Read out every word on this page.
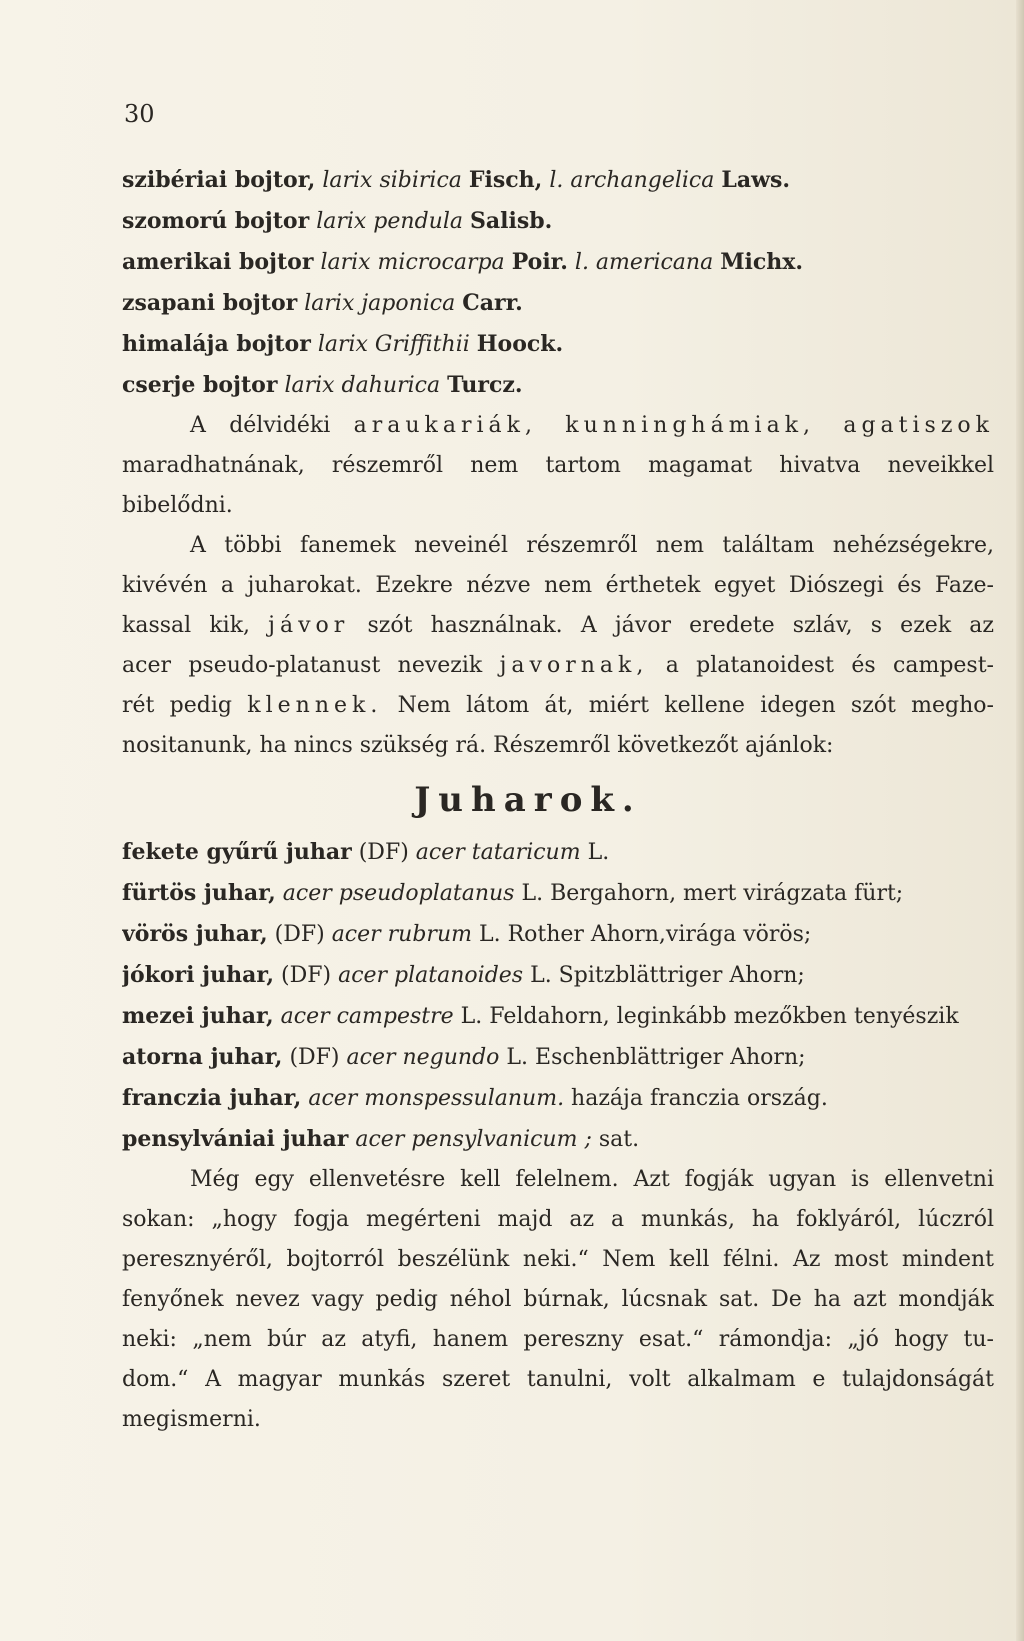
30
szibériai bojtor, larix sibirica Fisch, l. archangelica Laws.
szomorú bojtor larix pendula Salisb.
amerikai bojtor larix microcarpa Poir. l. americana Michx.
zsapani bojtor larix japonica Carr.
himalája bojtor larix Griffithii Hoock.
cserje bojtor larix dahurica Turcz.
A délvidéki araukariák, kunninghámiak, agatiszok
maradhatnának, részemről nem tartom magamat hivatva neveikkel
bibelődni.
A többi fanemek neveinél részemről nem találtam nehézségekre,
kivévén a juharokat. Ezekre nézve nem érthetek egyet Diószegi és Faze-
kassal kik, jávor szót használnak. A jávor eredete szláv, s ezek az
acer pseudo-platanust nevezik javornak, a platanoidest és campest-
rét pedig klennek. Nem látom át, miért kellene idegen szót megho-
nositanunk, ha nincs szükség rá. Részemről következőt ajánlok:
Juharok.
fekete gyűrű juhar (DF) acer tataricum L.
fürtös juhar, acer pseudoplatanus L. Bergahorn, mert virágzata fürt;
vörös juhar, (DF) acer rubrum L. Rother Ahorn,virága vörös;
jókori juhar, (DF) acer platanoides L. Spitzblättriger Ahorn;
mezei juhar, acer campestre L. Feldahorn, leginkább mezőkben tenyészik
atorna juhar, (DF) acer negundo L. Eschenblättriger Ahorn;
franczia juhar, acer monspessulanum. hazája franczia ország.
pensylvániai juhar acer pensylvanicum ; sat.
Még egy ellenvetésre kell felelnem. Azt fogják ugyan is ellenvetni
sokan: „hogy fogja megérteni majd az a munkás, ha foklyáról, lúczról
peresznyéről, bojtorról beszélünk neki.“ Nem kell félni. Az most mindent
fenyőnek nevez vagy pedig néhol búrnak, lúcsnak sat. De ha azt mondják
neki: „nem búr az atyfi, hanem pereszny esat.“ rámondja: „jó hogy tu-
dom.“ A magyar munkás szeret tanulni, volt alkalmam e tulajdonságát
megismerni.
